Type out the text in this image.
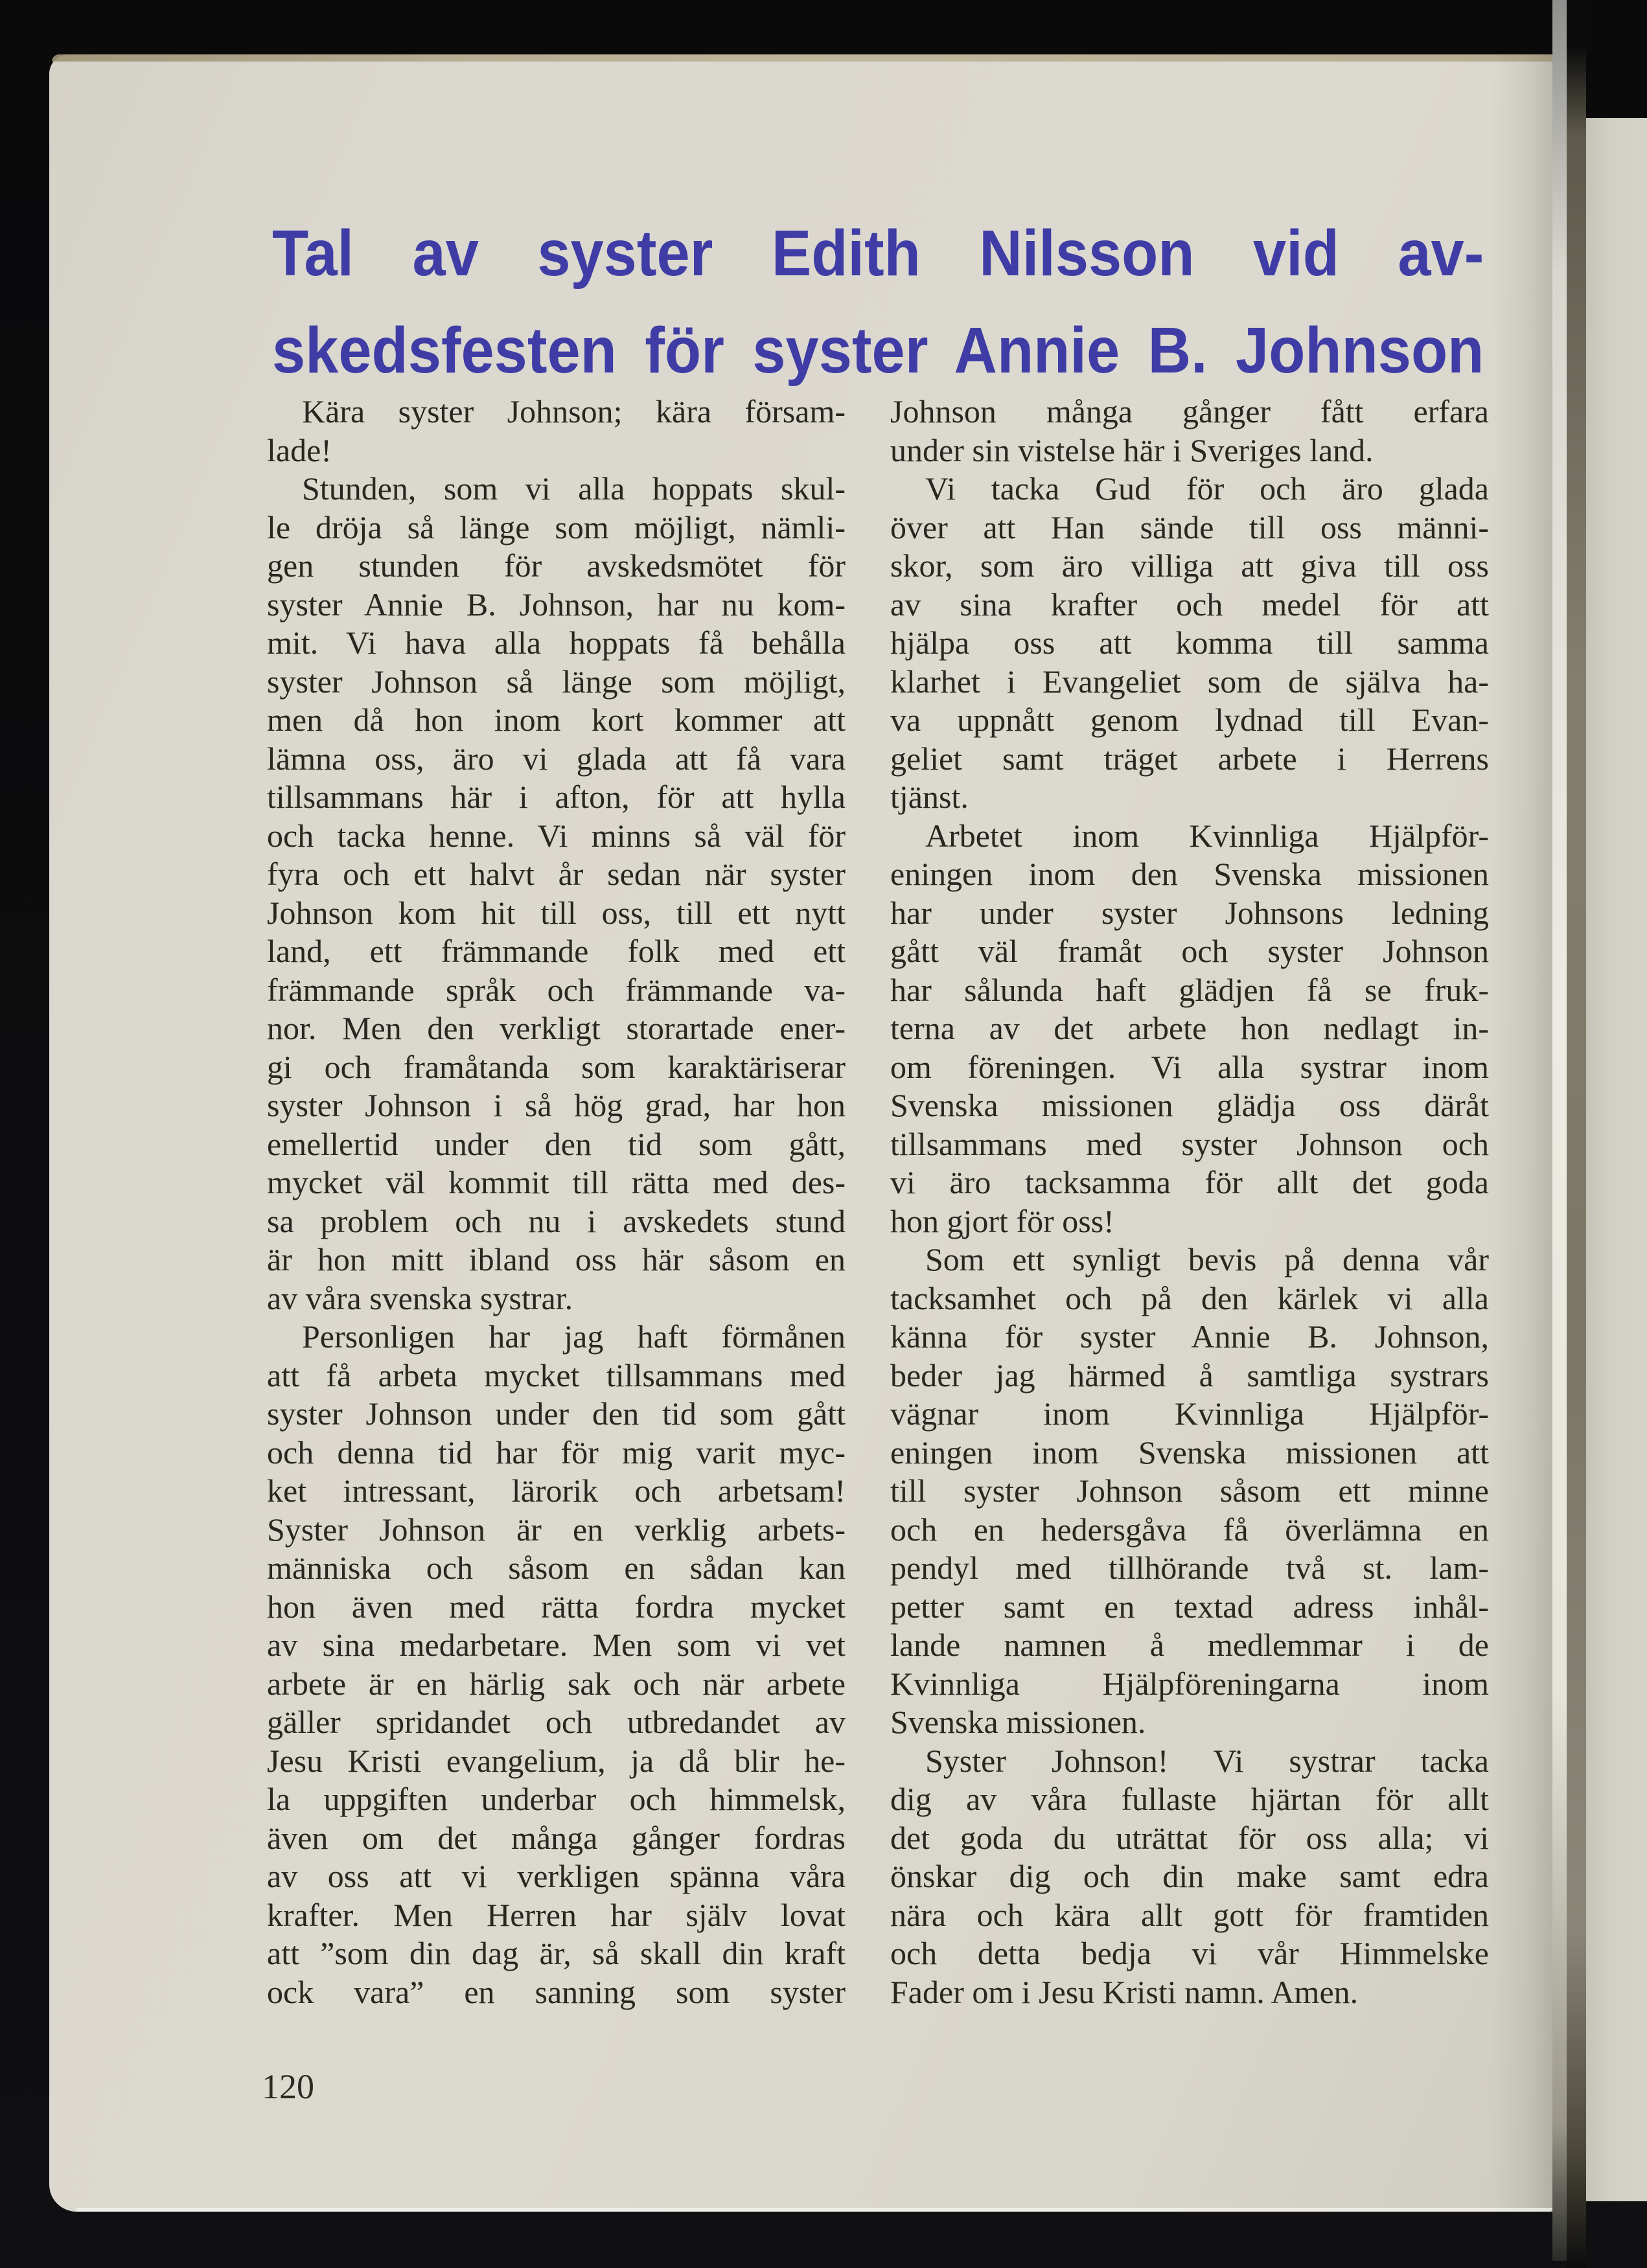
Tal av syster Edith Nilsson vid av-
skedsfesten för syster Annie B. Johnson
Kära syster Johnson; kära försam-
lade!
Stunden, som vi alla hoppats skul-
le dröja så länge som möjligt, nämli-
gen stunden för avskedsmötet för
syster Annie B. Johnson, har nu kom-
mit. Vi hava alla hoppats få behålla
syster Johnson så länge som möjligt,
men då hon inom kort kommer att
lämna oss, äro vi glada att få vara
tillsammans här i afton, för att hylla
och tacka henne. Vi minns så väl för
fyra och ett halvt år sedan när syster
Johnson kom hit till oss, till ett nytt
land, ett främmande folk med ett
främmande språk och främmande va-
nor. Men den verkligt storartade ener-
gi och framåtanda som karaktäriserar
syster Johnson i så hög grad, har hon
emellertid under den tid som gått,
mycket väl kommit till rätta med des-
sa problem och nu i avskedets stund
är hon mitt ibland oss här såsom en
av våra svenska systrar.
Personligen har jag haft förmånen
att få arbeta mycket tillsammans med
syster Johnson under den tid som gått
och denna tid har för mig varit myc-
ket intressant, lärorik och arbetsam!
Syster Johnson är en verklig arbets-
människa och såsom en sådan kan
hon även med rätta fordra mycket
av sina medarbetare. Men som vi vet
arbete är en härlig sak och när arbete
gäller spridandet och utbredandet av
Jesu Kristi evangelium, ja då blir he-
la uppgiften underbar och himmelsk,
även om det många gånger fordras
av oss att vi verkligen spänna våra
krafter. Men Herren har själv lovat
att ”som din dag är, så skall din kraft
ock vara” en sanning som syster
Johnson många gånger fått erfara
under sin vistelse här i Sveriges land.
Vi tacka Gud för och äro glada
över att Han sände till oss männi-
skor, som äro villiga att giva till oss
av sina krafter och medel för att
hjälpa oss att komma till samma
klarhet i Evangeliet som de själva ha-
va uppnått genom lydnad till Evan-
geliet samt träget arbete i Herrens
tjänst.
Arbetet inom Kvinnliga Hjälpför-
eningen inom den Svenska missionen
har under syster Johnsons ledning
gått väl framåt och syster Johnson
har sålunda haft glädjen få se fruk-
terna av det arbete hon nedlagt in-
om föreningen. Vi alla systrar inom
Svenska missionen glädja oss däråt
tillsammans med syster Johnson och
vi äro tacksamma för allt det goda
hon gjort för oss!
Som ett synligt bevis på denna vår
tacksamhet och på den kärlek vi alla
känna för syster Annie B. Johnson,
beder jag härmed å samtliga systrars
vägnar inom Kvinnliga Hjälpför-
eningen inom Svenska missionen att
till syster Johnson såsom ett minne
och en hedersgåva få överlämna en
pendyl med tillhörande två st. lam-
petter samt en textad adress inhål-
lande namnen å medlemmar i de
Kvinnliga Hjälpföreningarna inom
Svenska missionen.
Syster Johnson! Vi systrar tacka
dig av våra fullaste hjärtan för allt
det goda du uträttat för oss alla; vi
önskar dig och din make samt edra
nära och kära allt gott för framtiden
och detta bedja vi vår Himmelske
Fader om i Jesu Kristi namn. Amen.
120
